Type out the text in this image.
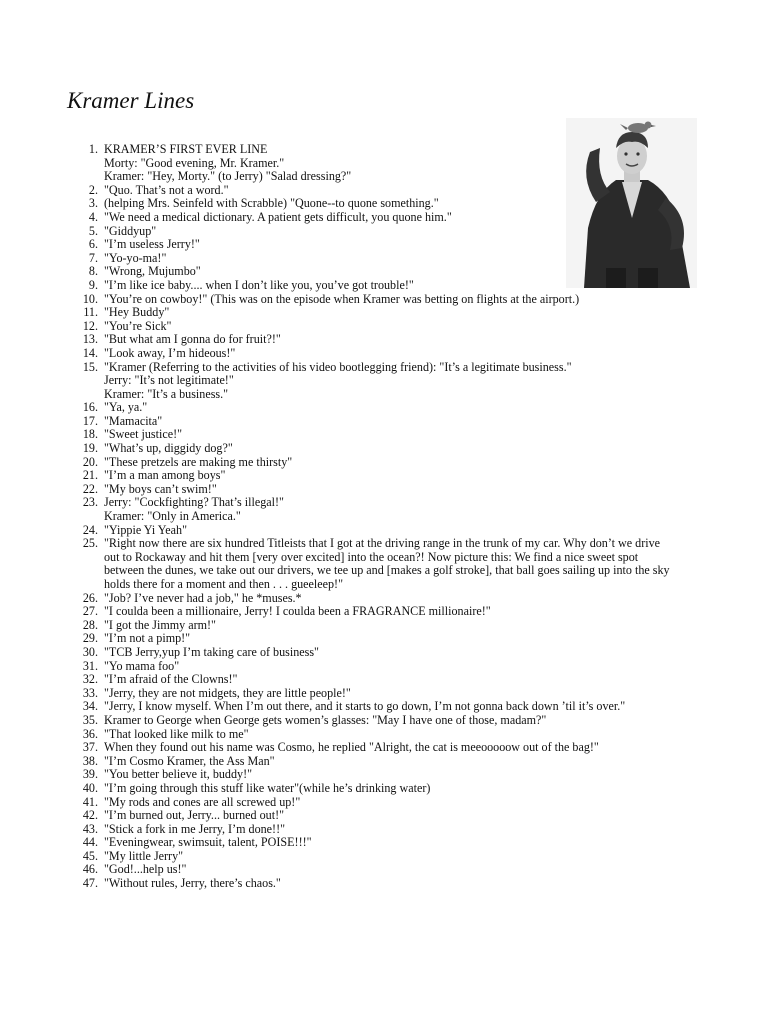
Kramer Lines
1. KRAMER’S FIRST EVER LINE
Morty: "Good evening, Mr. Kramer."
Kramer: "Hey, Morty." (to Jerry) "Salad dressing?"
2. "Quo. That’s not a word."
3. (helping Mrs. Seinfeld with Scrabble) "Quone--to quone something."
4. "We need a medical dictionary. A patient gets difficult, you quone him."
5. "Giddyup"
6. "I’m useless Jerry!"
7. "Yo-yo-ma!"
8. "Wrong, Mujumbo"
9. "I’m like ice baby.... when I don’t like you, you’ve got trouble!"
10. "You’re on cowboy!" (This was on the episode when Kramer was betting on flights at the airport.)
11. "Hey Buddy"
12. "You’re Sick"
13. "But what am I gonna do for fruit?!"
14. "Look away, I’m hideous!"
15. "Kramer (Referring to the activities of his video bootlegging friend): "It’s a legitimate business."
Jerry: "It’s not legitimate!"
Kramer: "It’s a business."
16. "Ya, ya."
17. "Mamacita"
18. "Sweet justice!"
19. "What’s up, diggidy dog?"
20. "These pretzels are making me thirsty"
21. "I’m a man among boys"
22. "My boys can’t swim!"
23. Jerry: "Cockfighting? That’s illegal!"
Kramer: "Only in America."
24. "Yippie Yi Yeah"
25. "Right now there are six hundred Titleists that I got at the driving range in the trunk of my car. Why don’t we drive
out to Rockaway and hit them [very over excited] into the ocean?! Now picture this: We find a nice sweet spot
between the dunes, we take out our drivers, we tee up and [makes a golf stroke], that ball goes sailing up into the sky
holds there for a moment and then . . . gueeleep!"
26. "Job? I’ve never had a job," he *muses.*
27. "I coulda been a millionaire, Jerry! I coulda been a FRAGRANCE millionaire!"
28. "I got the Jimmy arm!"
29. "I’m not a pimp!"
30. "TCB Jerry,yup I’m taking care of business"
31. "Yo mama foo"
32. "I’m afraid of the Clowns!"
33. "Jerry, they are not midgets, they are little people!"
34. "Jerry, I know myself. When I’m out there, and it starts to go down, I’m not gonna back down ’til it’s over."
35. Kramer to George when George gets women’s glasses: "May I have one of those, madam?"
36. "That looked like milk to me"
37. When they found out his name was Cosmo, he replied "Alright, the cat is meeooooow out of the bag!"
38. "I’m Cosmo Kramer, the Ass Man"
39. "You better believe it, buddy!"
40. "I’m going through this stuff like water"(while he’s drinking water)
41. "My rods and cones are all screwed up!"
42. "I’m burned out, Jerry... burned out!"
43. "Stick a fork in me Jerry, I’m done!!"
44. "Eveningwear, swimsuit, talent, POISE!!!"
45. "My little Jerry"
46. "God!...help us!"
47. "Without rules, Jerry, there’s chaos."
